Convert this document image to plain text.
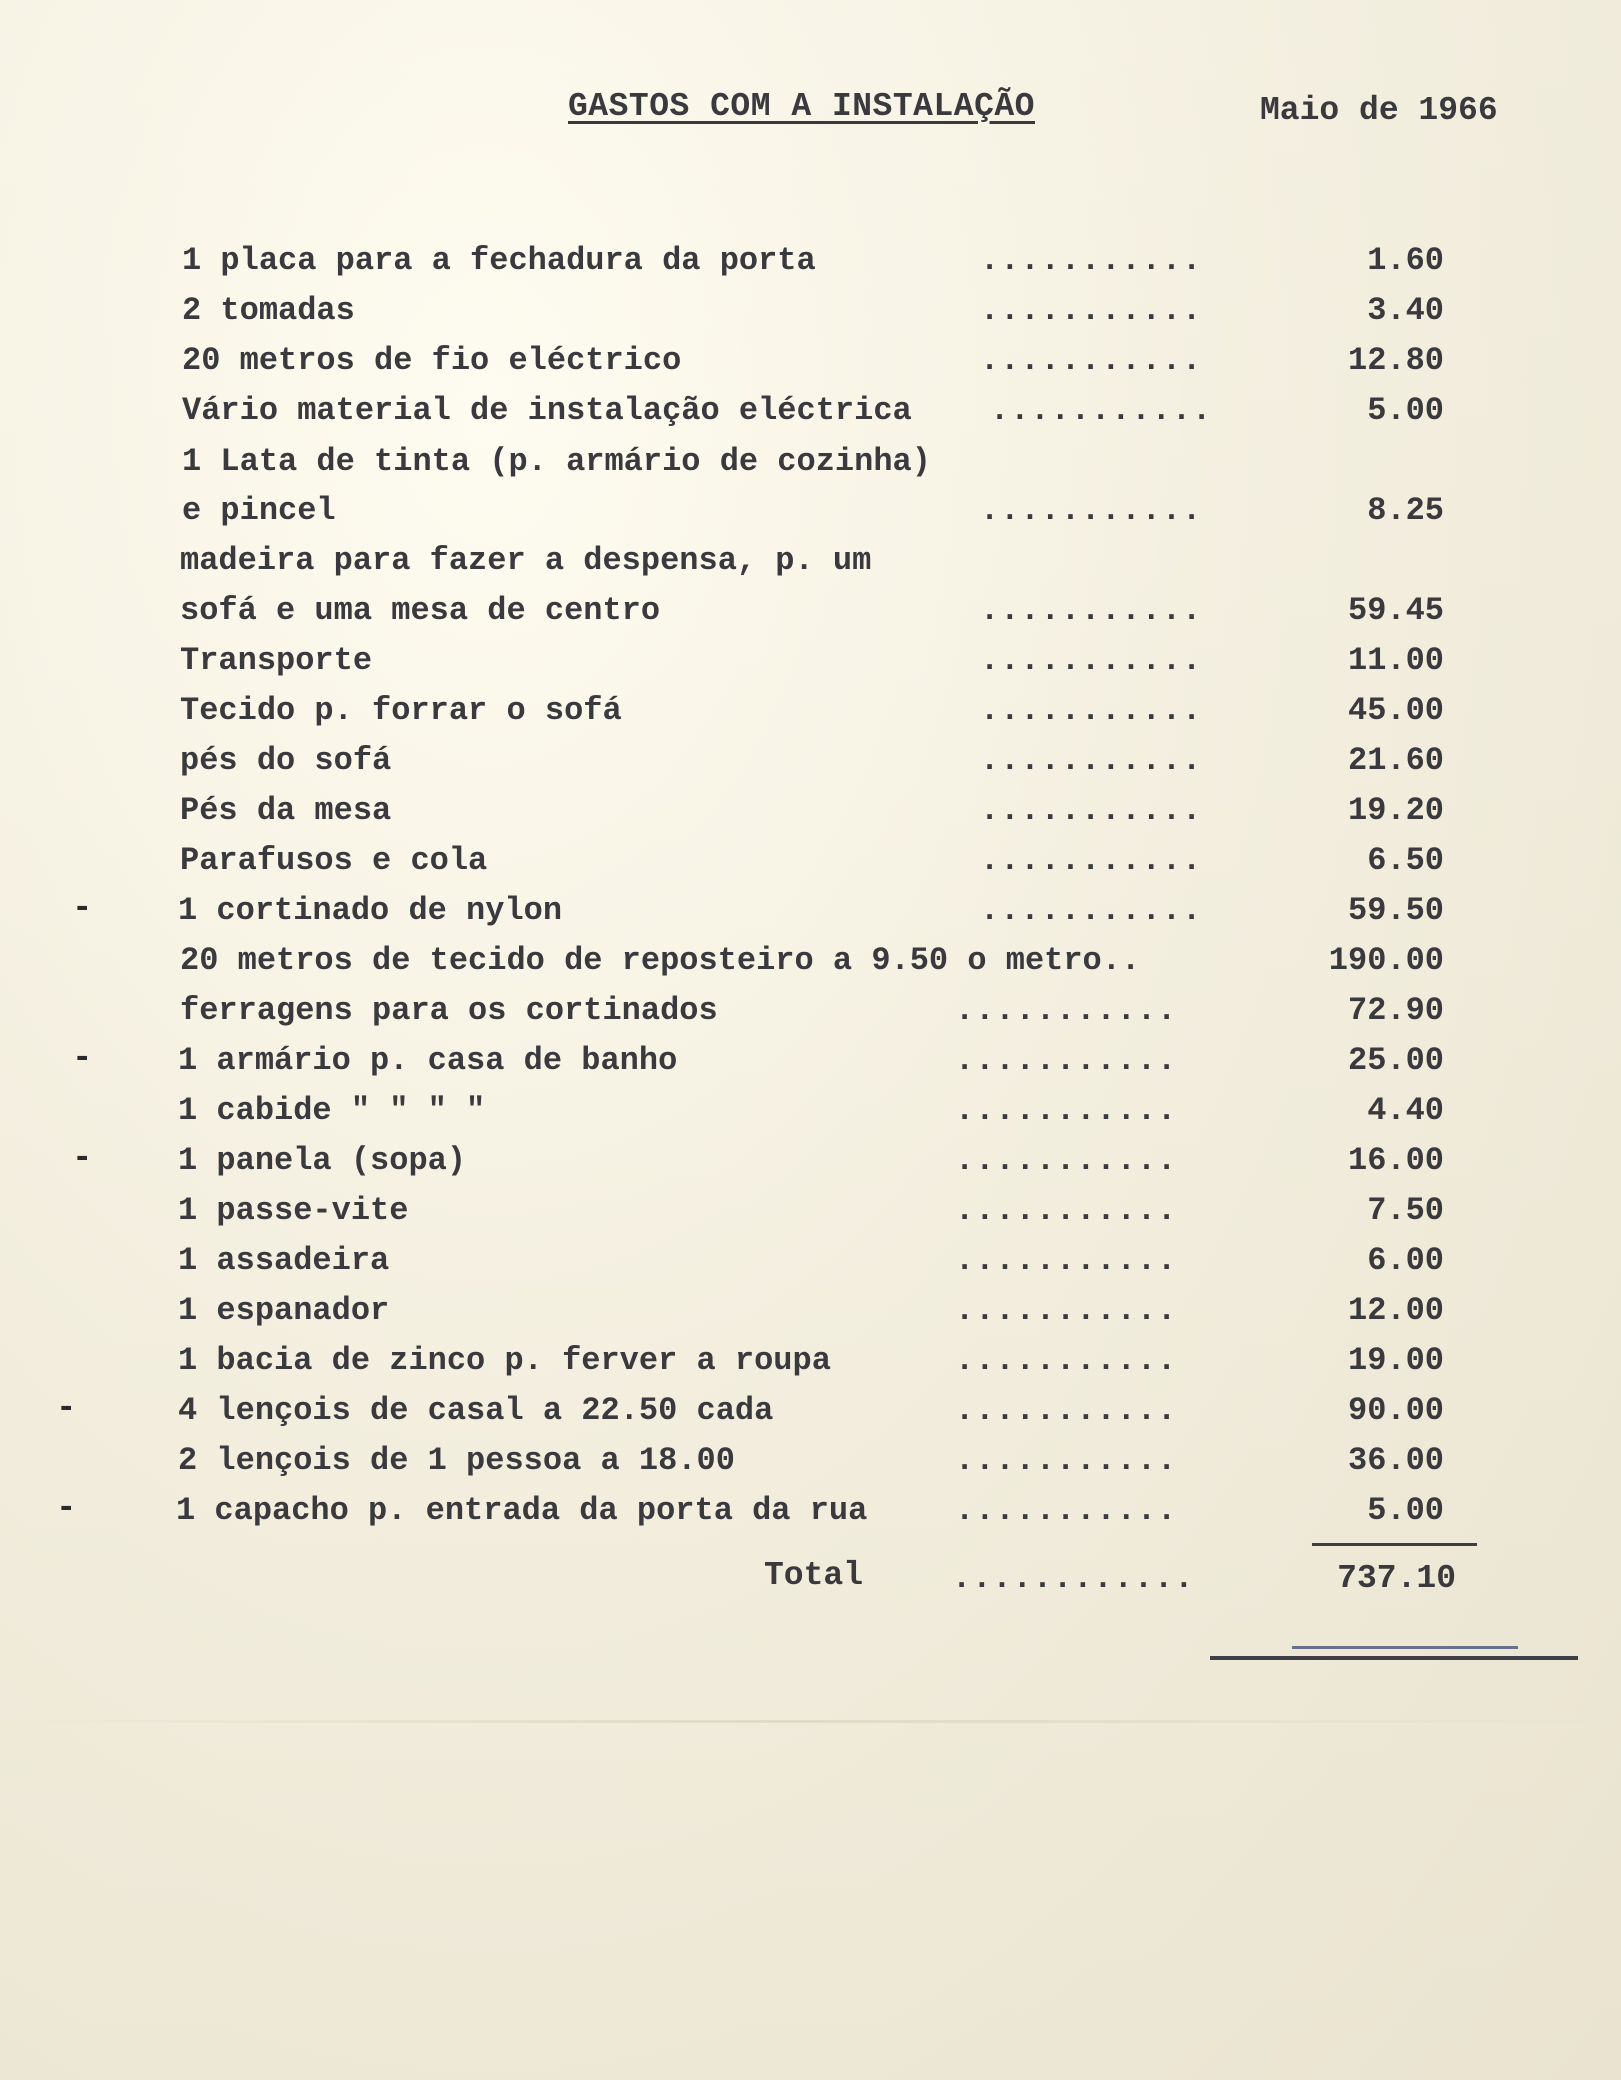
GASTOS COM A INSTALAÇÃO	Maio de 1966
1 placa para a fechadura da porta	...........	1.60
2 tomadas	...........	3.40
20 metros de fio eléctrico	...........	12.80
Vário material de instalação eléctrica ...........	5.00
1 Lata de tinta (p. armário de cozinha)
e pincel	...........	8.25
madeira para fazer a despensa, p. um
sofá e uma mesa de centro	...........	59.45
Transporte	...........	11.00
Tecido p. forrar o sofá	...........	45.00
pés do sofá	...........	21.60
Pés da mesa	...........	19.20
Parafusos e cola	...........	6.50
-	1 cortinado de nylon	...........	59.50
20 metros de tecido de reposteiro a 9.50 o metro..	190.00
ferragens para os cortinados	...........	72.90
-	1 armário p. casa de banho	...........	25.00
1 cabide " " " "	...........	4.40
-	1 panela (sopa)	...........	16.00
1 passe-vite	...........	7.50
1 assadeira	...........	6.00
1 espanador	...........	12.00
1 bacia de zinco p. ferver a roupa	...........	19.00
-	4 lençois de casal a 22.50 cada	...........	90.00
2 lençois de 1 pessoa a 18.00	...........	36.00
-	1 capacho p. entrada da porta da rua	...........	5.00
Total	............	737.10
